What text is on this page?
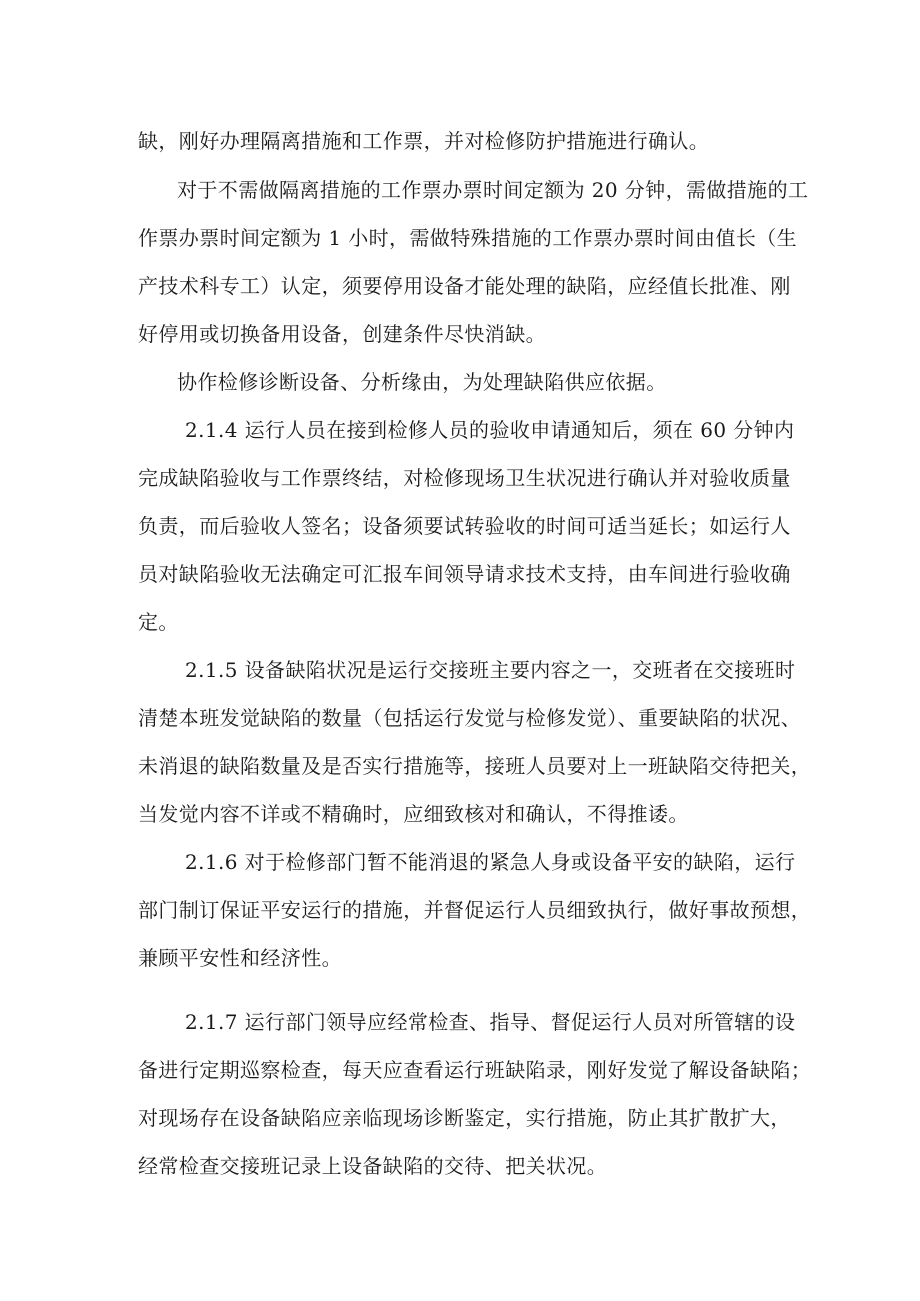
缺，刚好办理隔离措施和工作票，并对检修防护措施进行确认。

对于不需做隔离措施的工作票办票时间定额为 20 分钟，需做措施的工

作票办票时间定额为 1 小时，需做特殊措施的工作票办票时间由值长（生

产技术科专工）认定，须要停用设备才能处理的缺陷，应经值长批准、刚

好停用或切换备用设备，创建条件尽快消缺。

协作检修诊断设备、分析缘由，为处理缺陷供应依据。

2.1.4 运行人员在接到检修人员的验收申请通知后，须在 60 分钟内

完成缺陷验收与工作票终结，对检修现场卫生状况进行确认并对验收质量

负责，而后验收人签名；设备须要试转验收的时间可适当延长；如运行人

员对缺陷验收无法确定可汇报车间领导请求技术支持，由车间进行验收确

定。

2.1.5 设备缺陷状况是运行交接班主要内容之一，交班者在交接班时

清楚本班发觉缺陷的数量（包括运行发觉与检修发觉）、重要缺陷的状况、

未消退的缺陷数量及是否实行措施等，接班人员要对上一班缺陷交待把关，

当发觉内容不详或不精确时，应细致核对和确认，不得推诿。

2.1.6 对于检修部门暂不能消退的紧急人身或设备平安的缺陷，运行

部门制订保证平安运行的措施，并督促运行人员细致执行，做好事故预想，

兼顾平安性和经济性。

2.1.7 运行部门领导应经常检查、指导、督促运行人员对所管辖的设

备进行定期巡察检查，每天应查看运行班缺陷录，刚好发觉了解设备缺陷；

对现场存在设备缺陷应亲临现场诊断鉴定，实行措施，防止其扩散扩大，

经常检查交接班记录上设备缺陷的交待、把关状况。
